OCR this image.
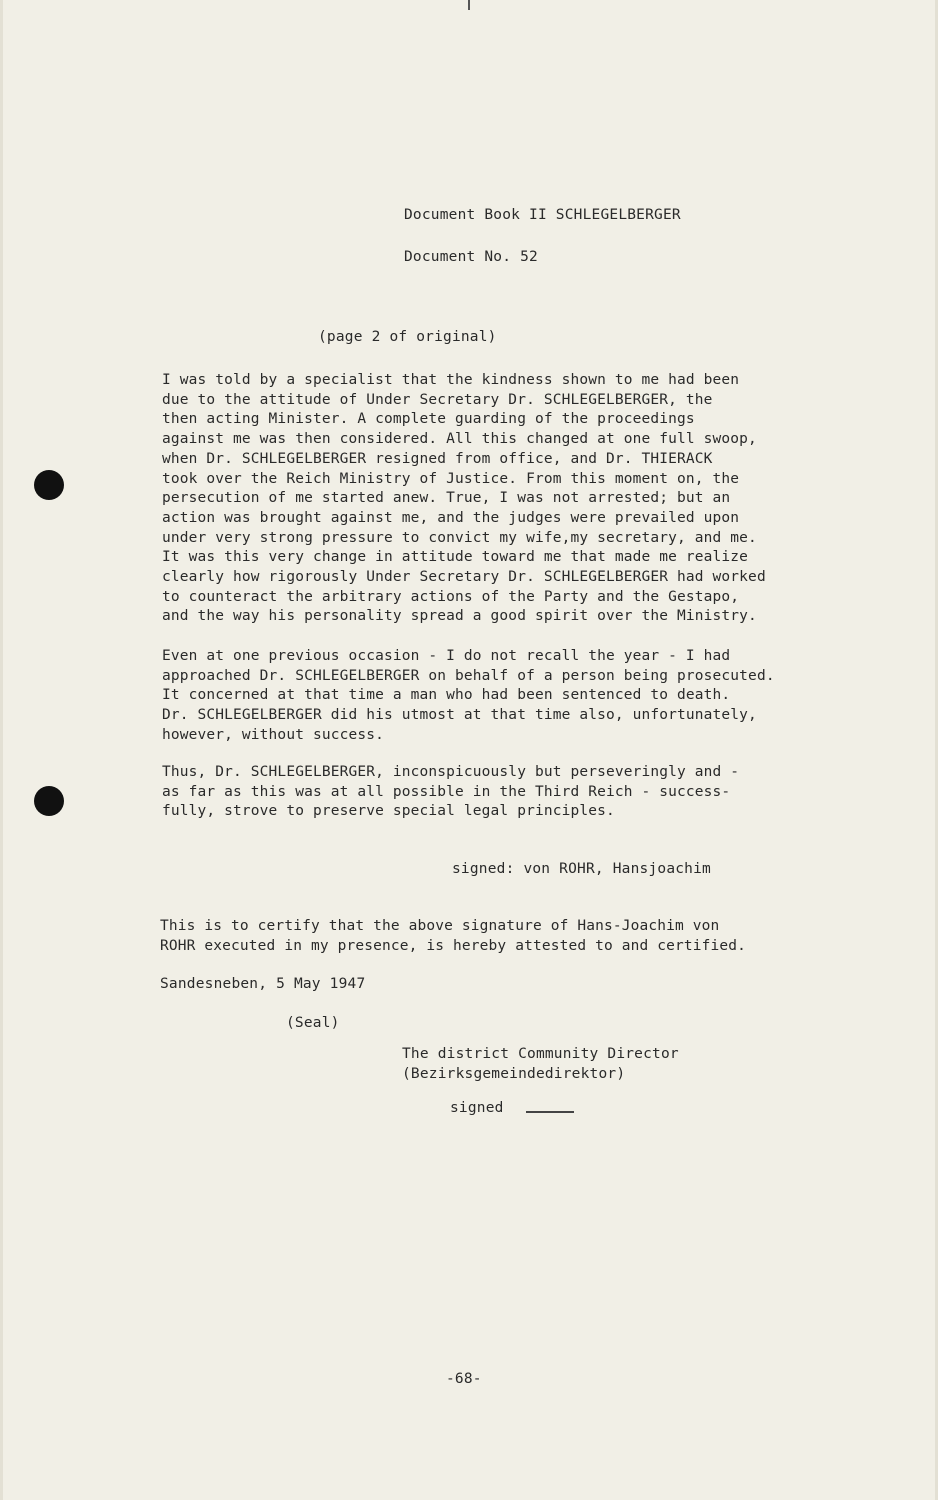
Document Book II SCHLEGELBERGER
Document No. 52
(page 2 of original)
I was told by a specialist that the kindness shown to me had been
due to the attitude of Under Secretary Dr. SCHLEGELBERGER, the
then acting Minister. A complete guarding of the proceedings
against me was then considered. All this changed at one full swoop,
when Dr. SCHLEGELBERGER resigned from office, and Dr. THIERACK
took over the Reich Ministry of Justice. From this moment on, the
persecution of me started anew. True, I was not arrested; but an
action was brought against me, and the judges were prevailed upon
under very strong pressure to convict my wife,my secretary, and me.
It was this very change in attitude toward me that made me realize
clearly how rigorously Under Secretary Dr. SCHLEGELBERGER had worked
to counteract the arbitrary actions of the Party and the Gestapo,
and the way his personality spread a good spirit over the Ministry.
Even at one previous occasion - I do not recall the year - I had
approached Dr. SCHLEGELBERGER on behalf of a person being prosecuted.
It concerned at that time a man who had been sentenced to death.
Dr. SCHLEGELBERGER did his utmost at that time also, unfortunately,
however, without success.
Thus, Dr. SCHLEGELBERGER, inconspicuously but perseveringly and -
as far as this was at all possible in the Third Reich - success-
fully, strove to preserve special legal principles.
signed: von ROHR, Hansjoachim
This is to certify that the above signature of Hans-Joachim von
ROHR executed in my presence, is hereby attested to and certified.
Sandesneben, 5 May 1947
(Seal)
The district Community Director
(Bezirksgemeindedirektor)
signed
-68-
